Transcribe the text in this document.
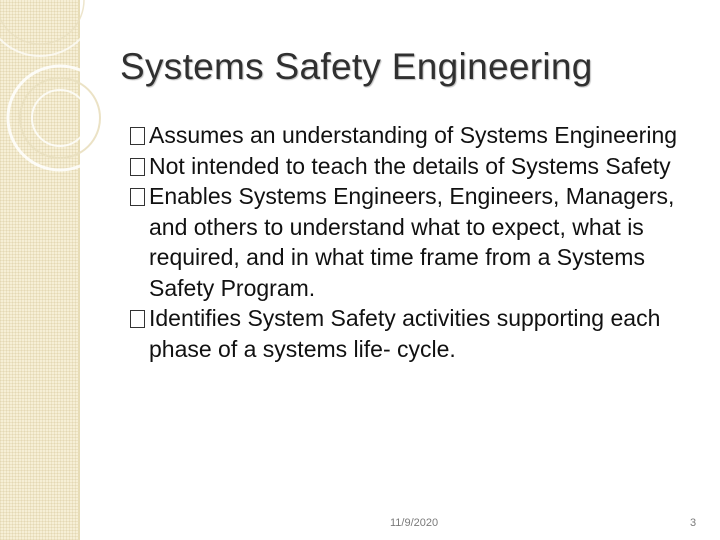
Systems Safety Engineering
Assumes an understanding of Systems Engineering
Not intended to teach the details of Systems Safety
Enables Systems Engineers, Engineers, Managers, and others to understand what to expect, what is required, and in what time frame from a Systems Safety Program.
Identifies System Safety activities supporting each phase of a systems life- cycle.
11/9/2020	3
